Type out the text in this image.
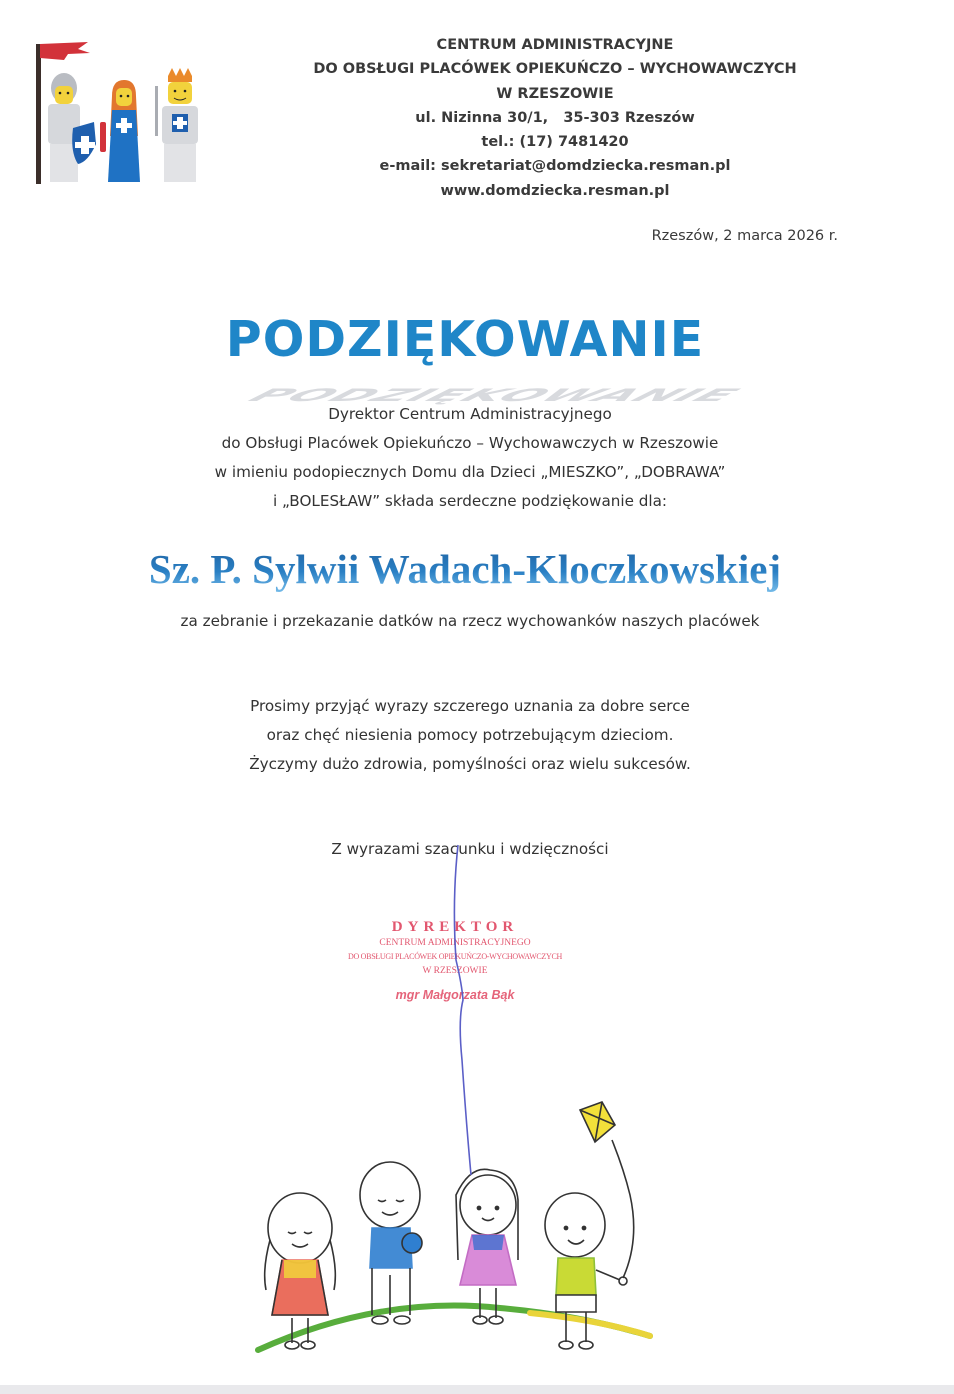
CENTRUM ADMINISTRACYJNE
DO OBSŁUGI PLACÓWEK OPIEKUŃCZO – WYCHOWAWCZYCH
W RZESZOWIE
ul. Nizinna 30/1,   35-303 Rzeszów
tel.: (17) 7481420
e-mail: sekretariat@domdziecka.resman.pl
www.domdziecka.resman.pl
Rzeszów, 2 marca 2026 r.
PODZIĘKOWANIE
PODZIĘKOWANIE
Dyrektor Centrum Administracyjnego
do Obsługi Placówek Opiekuńczo – Wychowawczych w Rzeszowie
w imieniu podopiecznych Domu dla Dzieci „MIESZKO”, „DOBRAWA”
i „BOLESŁAW” składa serdeczne podziękowanie dla:
Sz. P. Sylwii Wadach-Kloczkowskiej
za zebranie i przekazanie datków na rzecz wychowanków naszych placówek
Prosimy przyjąć wyrazy szczerego uznania za dobre serce
oraz chęć niesienia pomocy potrzebującym dzieciom.
Życzymy dużo zdrowia, pomyślności oraz wielu sukcesów.
Z wyrazami szacunku i wdzięczności
DYREKTOR
CENTRUM ADMINISTRACYJNEGO
DO OBSŁUGI PLACÓWEK OPIEKUŃCZO-WYCHOWAWCZYCH
W RZESZOWIE
mgr Małgorzata Bąk
